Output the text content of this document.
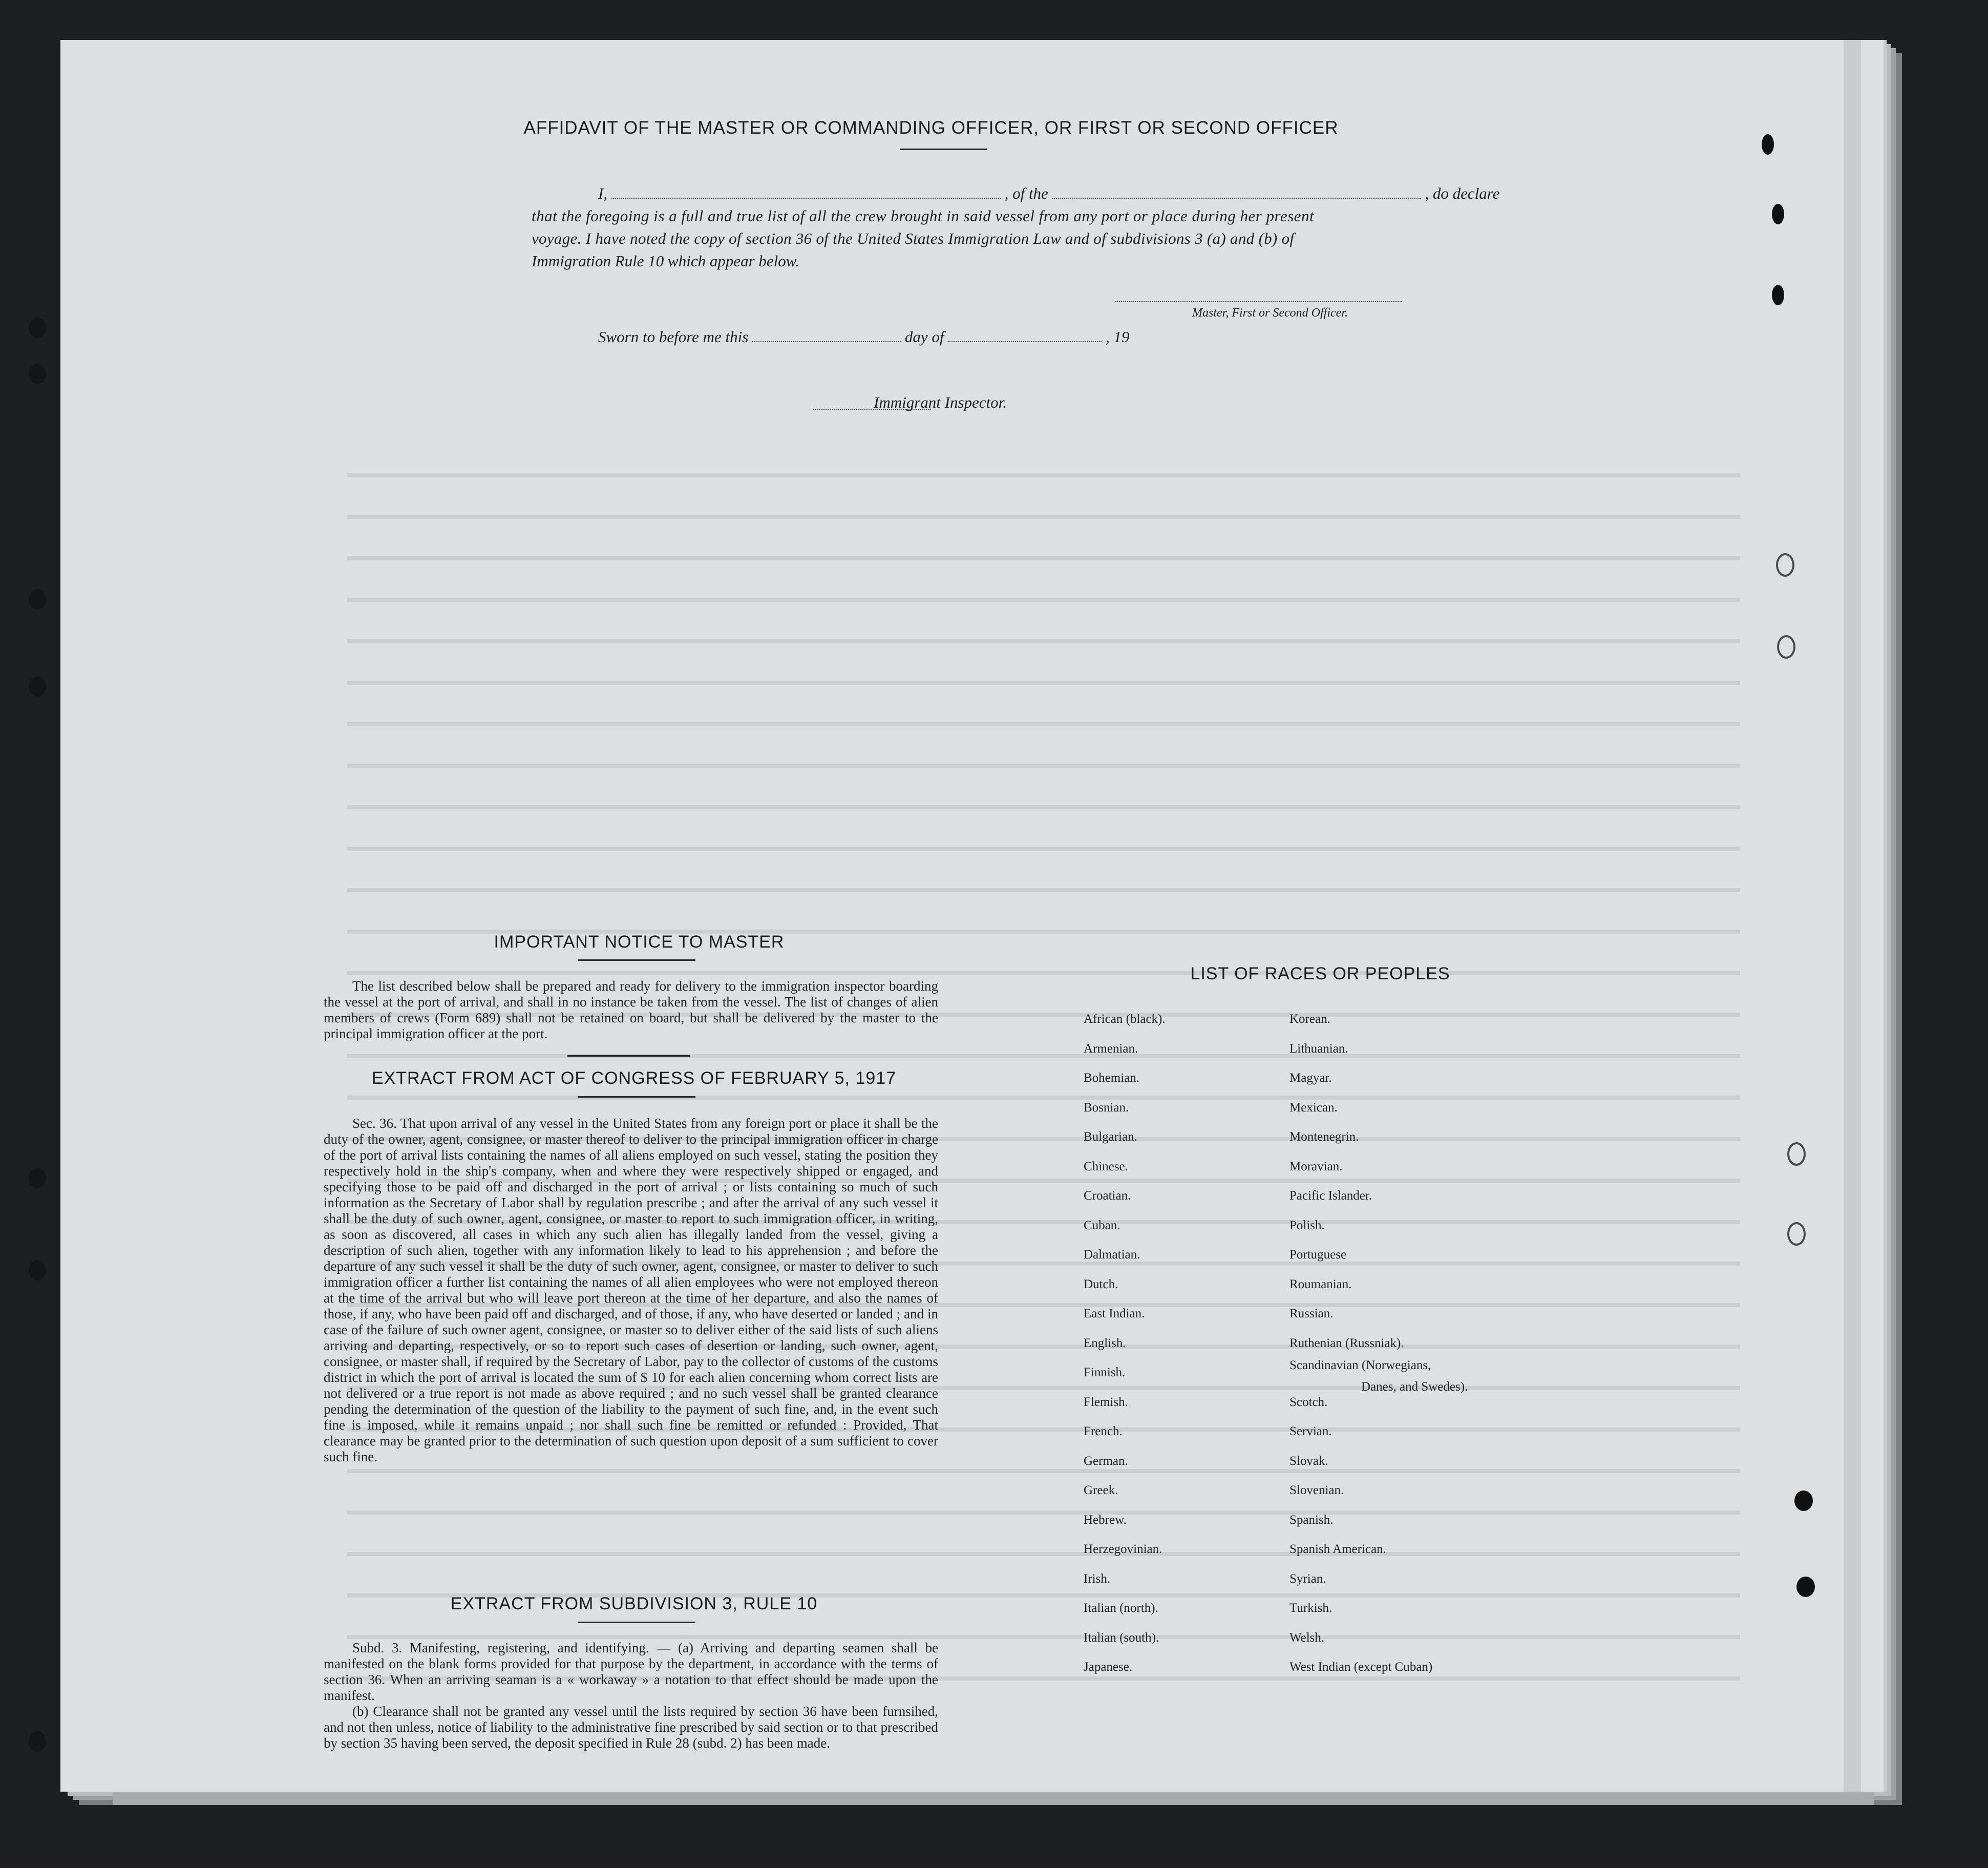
AFFIDAVIT OF THE MASTER OR COMMANDING OFFICER, OR FIRST OR SECOND OFFICER
I,	, of the	, do declare
that the foregoing is a full and true list of all the crew brought in said vessel from any port or place during her present
voyage. I have noted the copy of section 36 of the United States Immigration Law and of subdivisions 3 (a) and (b) of
Immigration Rule 10 which appear below.
Master, First or Second Officer.
Sworn to before me this	day of	, 19
Immigrant Inspector.
IMPORTANT NOTICE TO MASTER

The list described below shall be prepared and ready for delivery to the immigration inspector boarding the vessel at the port of arrival, and shall in no instance be taken from the vessel. The list of changes of alien members of crews (Form 689) shall not be retained on board, but shall be delivered by the master to the principal immigration officer at the port.

EXTRACT FROM ACT OF CONGRESS OF FEBRUARY 5, 1917

Sec. 36. That upon arrival of any vessel in the United States from any foreign port or place it shall be the duty of the owner, agent, consignee, or master thereof to deliver to the principal immigration officer in charge of the port of arrival lists containing the names of all aliens employed on such vessel, stating the position they respectively hold in the ship's company, when and where they were respectively shipped or engaged, and specifying those to be paid off and discharged in the port of arrival ; or lists containing so much of such information as the Secretary of Labor shall by regulation prescribe ; and after the arrival of any such vessel it shall be the duty of such owner, agent, consignee, or master to report to such immigration officer, in writing, as soon as discovered, all cases in which any such alien has illegally landed from the vessel, giving a description of such alien, together with any information likely to lead to his apprehension ; and before the departure of any such vessel it shall be the duty of such owner, agent, consignee, or master to deliver to such immigration officer a further list containing the names of all alien employees who were not employed thereon at the time of the arrival but who will leave port thereon at the time of her departure, and also the names of those, if any, who have been paid off and discharged, and of those, if any, who have deserted or landed ; and in case of the failure of such owner agent, consignee, or master so to deliver either of the said lists of such aliens arriving and departing, respectively, or so to report such cases of desertion or landing, such owner, agent, consignee, or master shall, if required by the Secretary of Labor, pay to the collector of customs of the customs district in which the port of arrival is located the sum of $ 10 for each alien concerning whom correct lists are not delivered or a true report is not made as above required ; and no such vessel shall be granted clearance pending the determination of the question of the liability to the payment of such fine, and, in the event such fine is imposed, while it remains unpaid ; nor shall such fine be remitted or refunded : Provided, That clearance may be granted prior to the determination of such question upon deposit of a sum sufficient to cover such fine.

EXTRACT FROM SUBDIVISION 3, RULE 10

Subd. 3. Manifesting, registering, and identifying. — (a) Arriving and departing seamen shall be manifested on the blank forms provided for that purpose by the department, in accordance with the terms of section 36. When an arriving seaman is a « workaway » a notation to that effect should be made upon the manifest.

(b) Clearance shall not be granted any vessel until the lists required by section 36 have been furnsihed, and not then unless, notice of liability to the administrative fine prescribed by said section or to that prescribed by section 35 having been served, the deposit specified in Rule 28 (subd. 2) has been made.

LIST OF RACES OR PEOPLES
African (black).
Armenian.
Bohemian.
Bosnian.
Bulgarian.
Chinese.
Croatian.
Cuban.
Dalmatian.
Dutch.
East Indian.
English.
Finnish.
Flemish.
French.
German.
Greek.
Hebrew.
Herzegovinian.
Irish.
Italian (north).
Italian (south).
Japanese.
Korean.
Lithuanian.
Magyar.
Mexican.
Montenegrin.
Moravian.
Pacific Islander.
Polish.
Portuguese
Roumanian.
Russian.
Ruthenian (Russniak).
Scandinavian (Norwegians,
Danes, and Swedes).
Scotch.
Servian.
Slovak.
Slovenian.
Spanish.
Spanish American.
Syrian.
Turkish.
Welsh.
West Indian (except Cuban)
